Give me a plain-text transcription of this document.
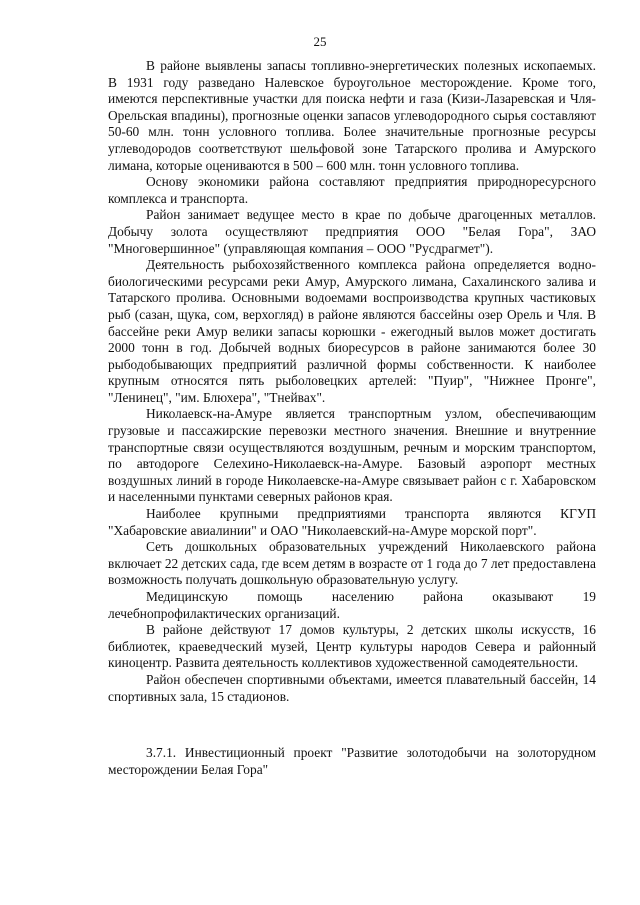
25

В районе выявлены запасы топливно-энергетических полезных ископаемых. В 1931 году разведано Налевское буроугольное месторождение. Кроме того, имеются перспективные участки для поиска нефти и газа (Кизи-Лазаревская и Чля-Орельская впадины), прогнозные оценки запасов углеводородного сырья составляют 50-60 млн. тонн условного топлива. Более значительные прогнозные ресурсы углеводородов соответствуют шельфовой зоне Татарского пролива и Амурского лимана, которые оцениваются в 500 – 600 млн. тонн условного топлива.

Основу экономики района составляют предприятия природноресурсного комплекса и транспорта.

Район занимает ведущее место в крае по добыче драгоценных металлов. Добычу золота осуществляют предприятия ООО "Белая Гора", ЗАО "Многовершинное" (управляющая компания – ООО "Русдрагмет").

Деятельность рыбохозяйственного комплекса района определяется водно-биологическими ресурсами реки Амур, Амурского лимана, Сахалинского залива и Татарского пролива. Основными водоемами воспроизводства крупных частиковых рыб (сазан, щука, сом, верхогляд) в районе являются бассейны озер Орель и Чля. В бассейне реки Амур велики запасы корюшки - ежегодный вылов может достигать 2000 тонн в год. Добычей водных биоресурсов в районе занимаются более 30 рыбодобывающих предприятий различной формы собственности. К наиболее крупным относятся пять рыболовецких артелей: "Пуир", "Нижнее Пронге", "Ленинец", "им. Блюхера", "Тнейвах".

Николаевск-на-Амуре является транспортным узлом, обеспечивающим грузовые и пассажирские перевозки местного значения. Внешние и внутренние транспортные связи осуществляются воздушным, речным и морским транспортом, по автодороге Селехино-Николаевск-на-Амуре. Базовый аэропорт местных воздушных линий в городе Николаевске-на-Амуре связывает район с г. Хабаровском и населенными пунктами северных районов края.

Наиболее крупными предприятиями транспорта являются КГУП "Хабаровские авиалинии" и ОАО "Николаевский-на-Амуре морской порт".

Сеть дошкольных образовательных учреждений Николаевского района включает 22 детских сада, где всем детям в возрасте от 1 года до 7 лет предоставлена возможность получать дошкольную образовательную услугу.

Медицинскую помощь населению района оказывают 19 лечебнопрофилактических организаций.

В районе действуют 17 домов культуры, 2 детских школы искусств, 16 библиотек, краеведческий музей, Центр культуры народов Севера и районный киноцентр. Развита деятельность коллективов художественной самодеятельности.

Район обеспечен спортивными объектами, имеется плавательный бассейн, 14 спортивных зала, 15 стадионов.

3.7.1. Инвестиционный проект "Развитие золотодобычи на золоторудном месторождении Белая Гора"
